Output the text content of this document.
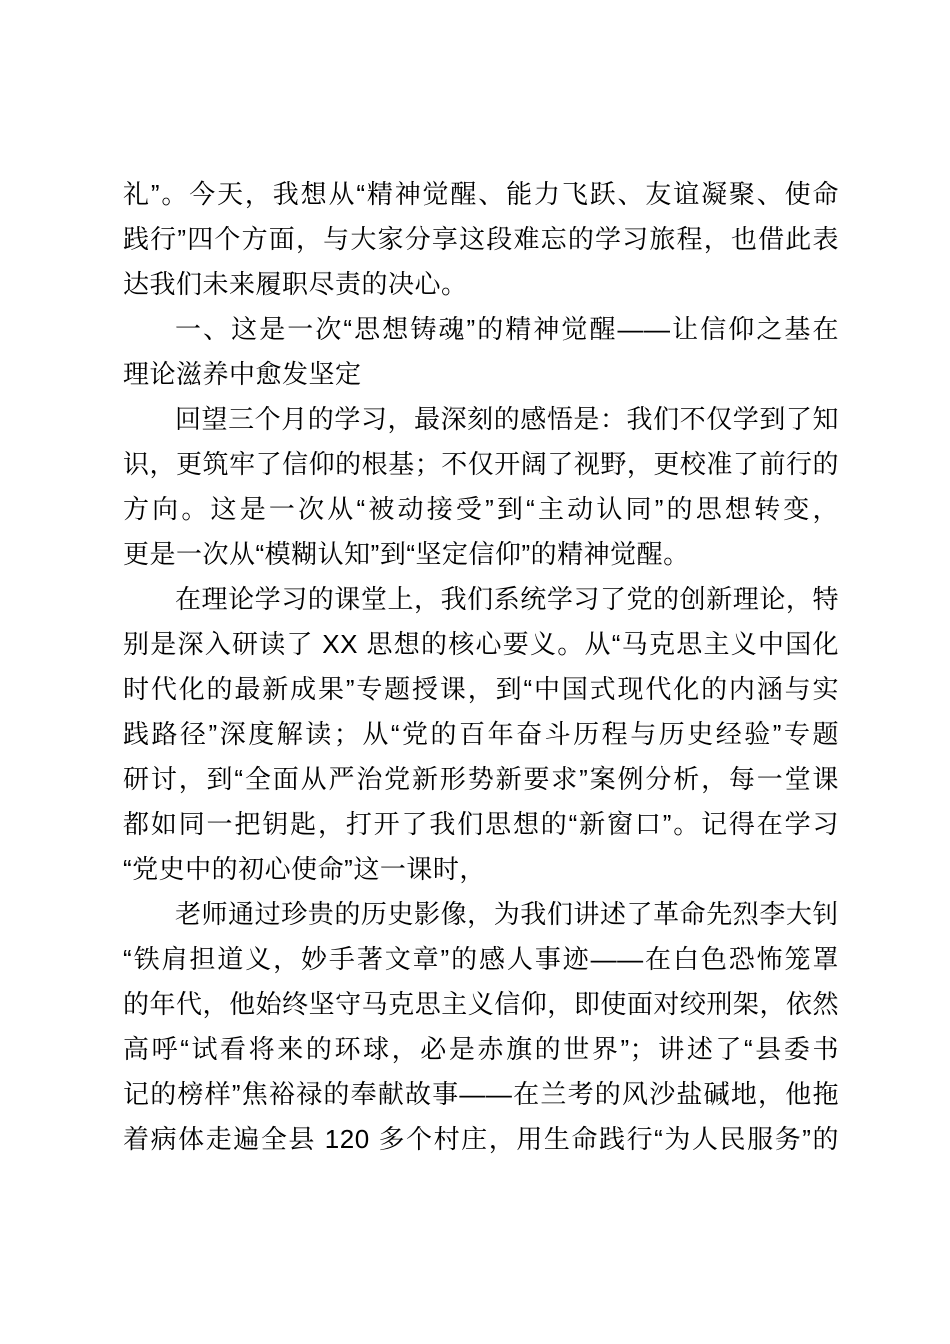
礼”。今天，我想从“精神觉醒、能力飞跃、友谊凝聚、使命
践行”四个方面，与大家分享这段难忘的学习旅程，也借此表
达我们未来履职尽责的决心。
一、这是一次“思想铸魂”的精神觉醒——让信仰之基在
理论滋养中愈发坚定
回望三个月的学习，最深刻的感悟是：我们不仅学到了知
识，更筑牢了信仰的根基；不仅开阔了视野，更校准了前行的
方向。这是一次从“被动接受”到“主动认同”的思想转变，
更是一次从“模糊认知”到“坚定信仰”的精神觉醒。
在理论学习的课堂上，我们系统学习了党的创新理论，特
别是深入研读了 XX 思想的核心要义。从“马克思主义中国化
时代化的最新成果”专题授课，到“中国式现代化的内涵与实
践路径”深度解读；从“党的百年奋斗历程与历史经验”专题
研讨，到“全面从严治党新形势新要求”案例分析，每一堂课
都如同一把钥匙，打开了我们思想的“新窗口”。记得在学习
“党史中的初心使命”这一课时，
老师通过珍贵的历史影像，为我们讲述了革命先烈李大钊
“铁肩担道义，妙手著文章”的感人事迹——在白色恐怖笼罩
的年代，他始终坚守马克思主义信仰，即使面对绞刑架，依然
高呼“试看将来的环球，必是赤旗的世界”；讲述了“县委书
记的榜样”焦裕禄的奉献故事——在兰考的风沙盐碱地，他拖
着病体走遍全县 120 多个村庄，用生命践行“为人民服务”的
